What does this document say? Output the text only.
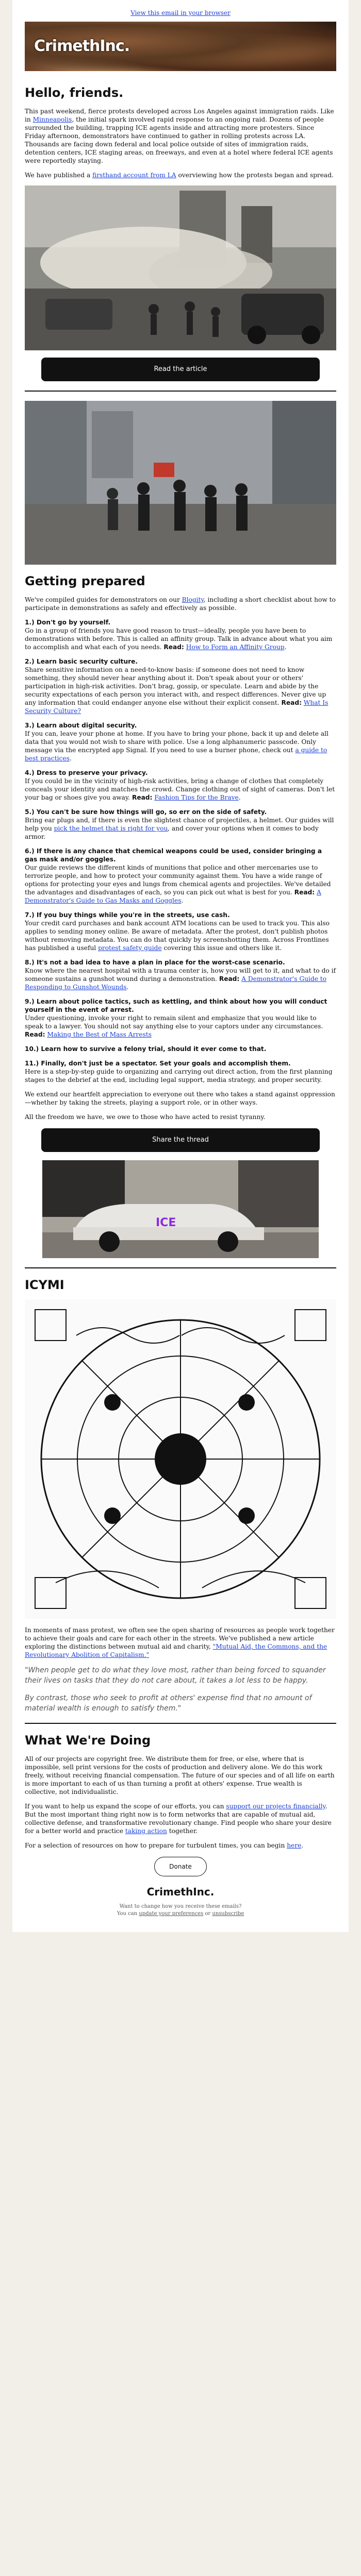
View this email in your browser
CrimethInc.
Hello, friends.

This past weekend, fierce protests developed across Los Angeles against immigration raids. Like in Minneapolis, the initial spark involved rapid response to an ongoing raid. Dozens of people surrounded the building, trapping ICE agents inside and attracting more protesters. Since Friday afternoon, demonstrators have continued to gather in rolling protests across LA. Thousands are facing down federal and local police outside of sites of immigration raids, detention centers, ICE staging areas, on freeways, and even at a hotel where federal ICE agents were reportedly staying.

We have published a firsthand account from LA overviewing how the protests began and spread.

Read the article
Getting prepared

We've compiled guides for demonstrators on our Blogity, including a short checklist about how to participate in demonstrations as safely and effectively as possible.

1.) Don't go by yourself.
Go in a group of friends you have good reason to trust—ideally, people you have been to demonstrations with before. This is called an affinity group. Talk in advance about what you aim to accomplish and what each of you needs. Read: How to Form an Affinity Group.
2.) Learn basic security culture.
Share sensitive information on a need-to-know basis: if someone does not need to know something, they should never hear anything about it. Don't speak about your or others' participation in high-risk activities. Don't brag, gossip, or speculate. Learn and abide by the security expectations of each person you interact with, and respect differences. Never give up any information that could endanger anyone else without their explicit consent. Read: What Is Security Culture?
3.) Learn about digital security.
If you can, leave your phone at home. If you have to bring your phone, back it up and delete all data that you would not wish to share with police. Use a long alphanumeric passcode. Only message via the encrypted app Signal. If you need to use a burner phone, check out a guide to best practices.
4.) Dress to preserve your privacy.
If you could be in the vicinity of high-risk activities, bring a change of clothes that completely conceals your identity and matches the crowd. Change clothing out of sight of cameras. Don't let your bag or shoes give you away. Read: Fashion Tips for the Brave.
5.) You can't be sure how things will go, so err on the side of safety.
Bring ear plugs and, if there is even the slightest chance of projectiles, a helmet. Our guides will help you pick the helmet that is right for you, and cover your options when it comes to body armor.
6.) If there is any chance that chemical weapons could be used, consider bringing a gas mask and/or goggles.
Our guide reviews the different kinds of munitions that police and other mercenaries use to terrorize people, and how to protect your community against them. You have a wide range of options for protecting your eyes and lungs from chemical agents and projectiles. We've detailed the advantages and disadvantages of each, so you can pick out what is best for you. Read: A Demonstrator's Guide to Gas Masks and Goggles.
7.) If you buy things while you're in the streets, use cash.
Your credit card purchases and bank account ATM locations can be used to track you. This also applies to sending money online. Be aware of metadata. After the protest, don't publish photos without removing metadata. You can do that quickly by screenshotting them. Across Frontlines has published a useful protest safety guide covering this issue and others like it.
8.) It's not a bad idea to have a plan in place for the worst-case scenario.
Know where the nearest hospital with a trauma center is, how you will get to it, and what to do if someone sustains a gunshot wound during a demonstration. Read: A Demonstrator's Guide to Responding to Gunshot Wounds.
9.) Learn about police tactics, such as kettling, and think about how you will conduct yourself in the event of arrest.
Under questioning, invoke your right to remain silent and emphasize that you would like to speak to a lawyer. You should not say anything else to your captors under any circumstances. Read: Making the Best of Mass Arrests
10.) Learn how to survive a felony trial, should it ever come to that.

11.) Finally, don't just be a spectator. Set your goals and accomplish them.
Here is a step-by-step guide to organizing and carrying out direct action, from the first planning stages to the debrief at the end, including legal support, media strategy, and proper security.

We extend our heartfelt appreciation to everyone out there who takes a stand against oppression—whether by taking the streets, playing a support role, or in other ways.

All the freedom we have, we owe to those who have acted to resist tyranny.

Share the thread
ICE
ICYMI

In moments of mass protest, we often see the open sharing of resources as people work together to achieve their goals and care for each other in the streets. We've published a new article exploring the distinctions between mutual aid and charity, "Mutual Aid, the Commons, and the Revolutionary Abolition of Capitalism."

"When people get to do what they love most, rather than being forced to squander their lives on tasks that they do not care about, it takes a lot less to be happy.
By contrast, those who seek to profit at others' expense find that no amount of material wealth is enough to satisfy them."
What We're Doing

All of our projects are copyright free. We distribute them for free, or else, where that is impossible, sell print versions for the costs of production and delivery alone. We do this work freely, without receiving financial compensation. The future of our species and of all life on earth is more important to each of us than turning a profit at others' expense. True wealth is collective, not individualistic.

If you want to help us expand the scope of our efforts, you can support our projects financially. But the most important thing right now is to form networks that are capable of mutual aid, collective defense, and transformative revolutionary change. Find people who share your desire for a better world and practice taking action together.

For a selection of resources on how to prepare for turbulent times, you can begin here.

Donate
CrimethInc.
Want to change how you receive these emails?
You can update your preferences or unsubscribe
